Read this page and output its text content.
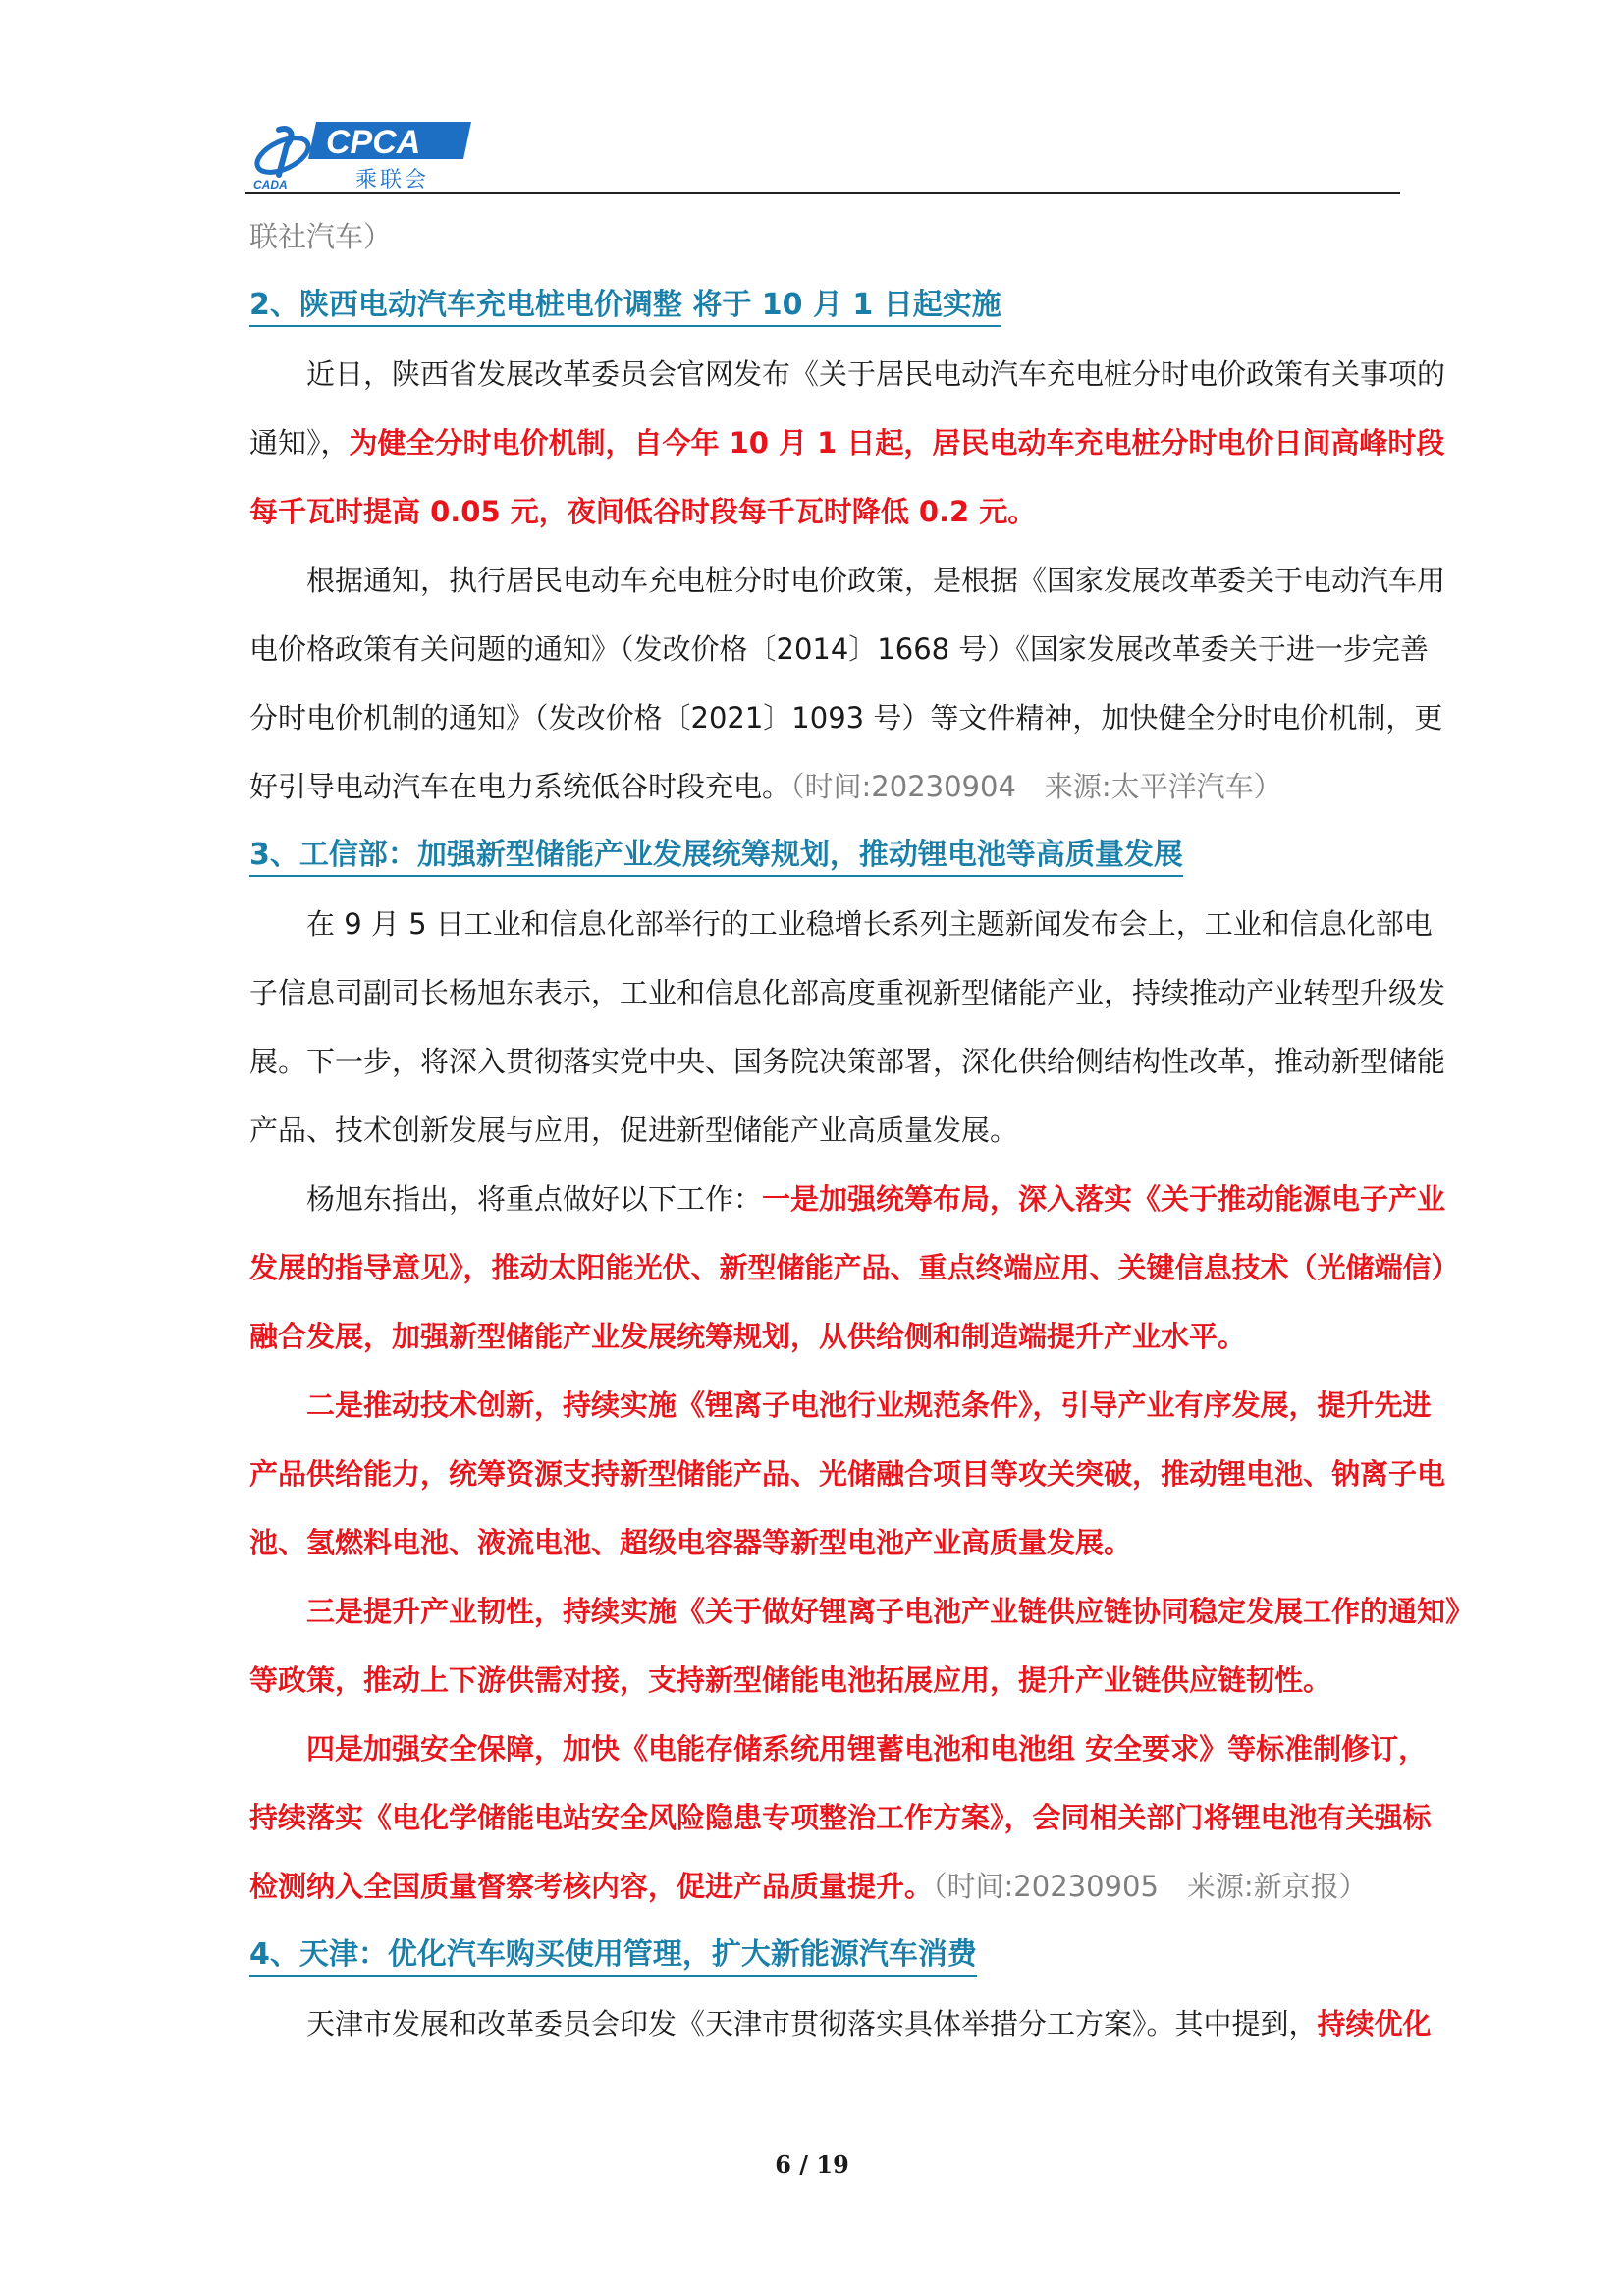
CADA
CPCA
乘联会
联社汽车）
2、陕西电动汽车充电桩电价调整 将于 10 月 1 日起实施
近日，陕西省发展改革委员会官网发布《关于居民电动汽车充电桩分时电价政策有关事项的
通知》，为健全分时电价机制，自今年 10 月 1 日起，居民电动车充电桩分时电价日间高峰时段
每千瓦时提高 0.05 元，夜间低谷时段每千瓦时降低 0.2 元。
根据通知，执行居民电动车充电桩分时电价政策，是根据《国家发展改革委关于电动汽车用
电价格政策有关问题的通知》（发改价格〔2014〕1668 号）《国家发展改革委关于进一步完善
分时电价机制的通知》（发改价格〔2021〕1093 号）等文件精神，加快健全分时电价机制，更
好引导电动汽车在电力系统低谷时段充电。（时间:20230904　来源:太平洋汽车）
3、工信部：加强新型储能产业发展统筹规划，推动锂电池等高质量发展
在 9 月 5 日工业和信息化部举行的工业稳增长系列主题新闻发布会上，工业和信息化部电
子信息司副司长杨旭东表示，工业和信息化部高度重视新型储能产业，持续推动产业转型升级发
展。下一步，将深入贯彻落实党中央、国务院决策部署，深化供给侧结构性改革，推动新型储能
产品、技术创新发展与应用，促进新型储能产业高质量发展。
杨旭东指出，将重点做好以下工作：一是加强统筹布局，深入落实《关于推动能源电子产业
发展的指导意见》，推动太阳能光伏、新型储能产品、重点终端应用、关键信息技术（光储端信）
融合发展，加强新型储能产业发展统筹规划，从供给侧和制造端提升产业水平。
二是推动技术创新，持续实施《锂离子电池行业规范条件》，引导产业有序发展，提升先进
产品供给能力，统筹资源支持新型储能产品、光储融合项目等攻关突破，推动锂电池、钠离子电
池、氢燃料电池、液流电池、超级电容器等新型电池产业高质量发展。
三是提升产业韧性，持续实施《关于做好锂离子电池产业链供应链协同稳定发展工作的通知》
等政策，推动上下游供需对接，支持新型储能电池拓展应用，提升产业链供应链韧性。
四是加强安全保障，加快《电能存储系统用锂蓄电池和电池组 安全要求》等标准制修订，
持续落实《电化学储能电站安全风险隐患专项整治工作方案》，会同相关部门将锂电池有关强标
检测纳入全国质量督察考核内容，促进产品质量提升。（时间:20230905　来源:新京报）
4、天津：优化汽车购买使用管理，扩大新能源汽车消费
天津市发展和改革委员会印发《天津市贯彻落实具体举措分工方案》。其中提到，持续优化
6 / 19
